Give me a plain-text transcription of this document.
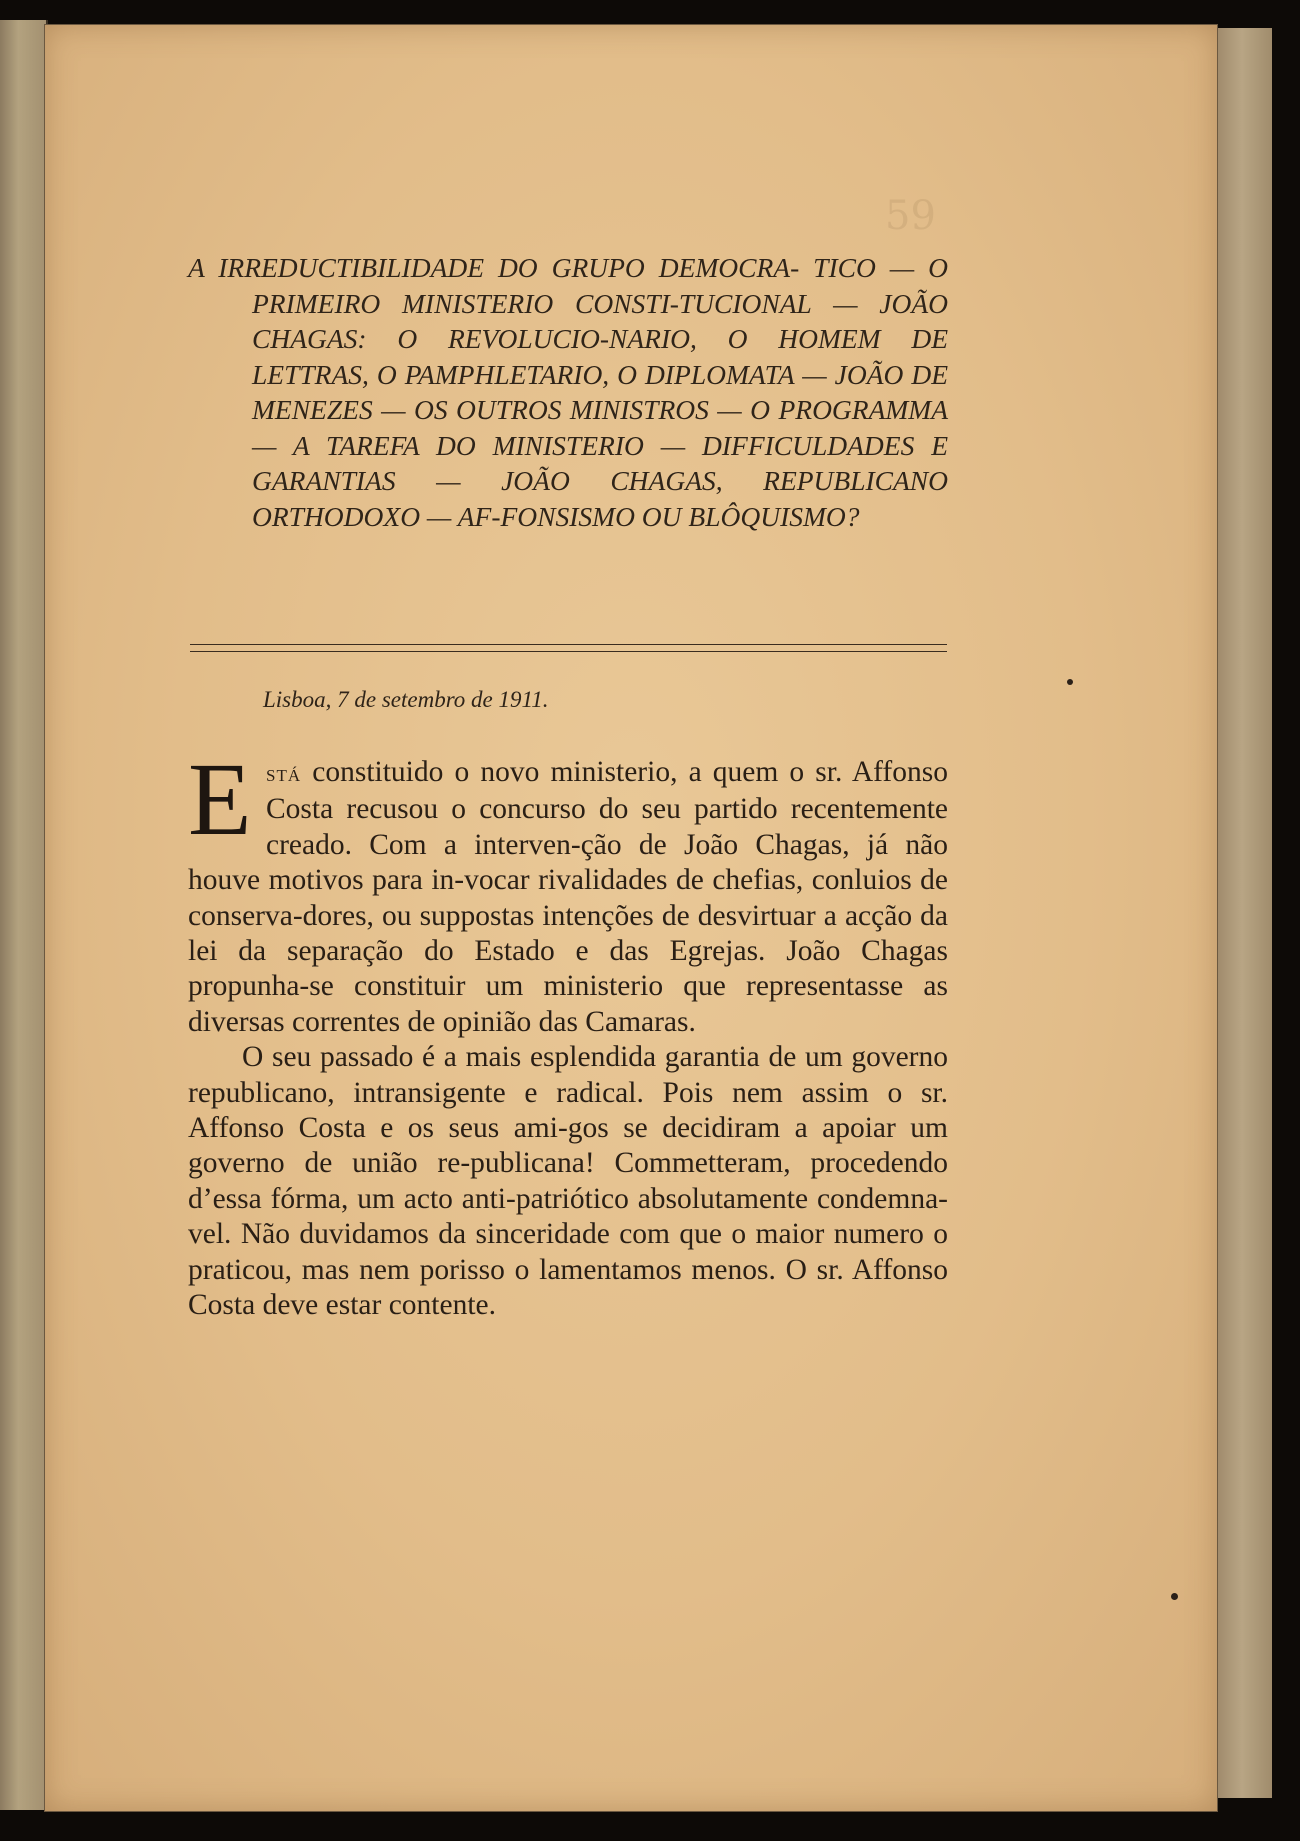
59
A IRREDUCTIBILIDADE DO GRUPO DEMOCRA- TICO — O PRIMEIRO MINISTERIO CONSTI-TUCIONAL — JOÃO CHAGAS: O REVOLUCIO-NARIO, O HOMEM DE LETTRAS, O PAMPHLETARIO, O DIPLOMATA — JOÃO DE MENEZES — OS OUTROS MINISTROS — O PROGRAMMA — A TAREFA DO MINISTERIO — DIFFICULDADES E GARANTIAS — JOÃO CHAGAS, REPUBLICANO ORTHODOXO — AF-FONSISMO OU BLÔQUISMO?
Lisboa, 7 de setembro de 1911.

E stá constituido o novo ministerio, a quem o sr. Affonso Costa recusou o concurso do seu partido recentemente creado. Com a interven-ção de João Chagas, já não houve motivos para in-vocar rivalidades de chefias, conluios de conserva-dores, ou suppostas intenções de desvirtuar a acção da lei da separação do Estado e das Egrejas. João Chagas propunha-se constituir um ministerio que representasse as diversas correntes de opinião das Camaras.

O seu passado é a mais esplendida garantia de um governo republicano, intransigente e radical. Pois nem assim o sr. Affonso Costa e os seus ami-gos se decidiram a apoiar um governo de união re-publicana! Commetteram, procedendo d’essa fórma, um acto anti-patriótico absolutamente condemna-vel. Não duvidamos da sinceridade com que o maior numero o praticou, mas nem porisso o lamentamos menos. O sr. Affonso Costa deve estar contente.
